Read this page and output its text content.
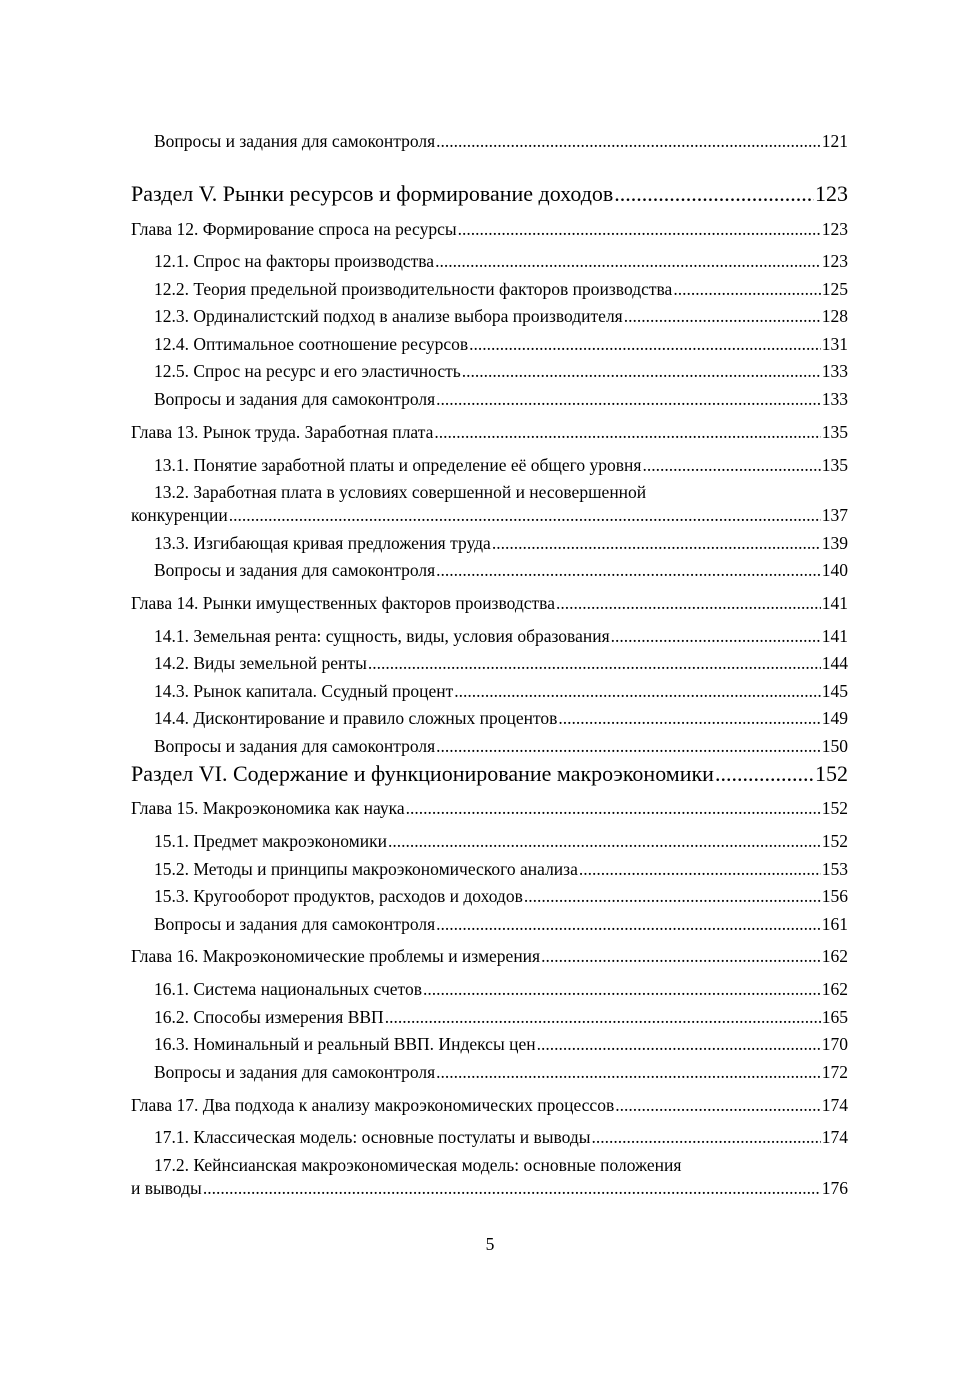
Вопросы и задания для самоконтроля .....	121
Раздел V. Рынки ресурсов и формирование доходов .....	123
Глава 12. Формирование спроса на ресурсы .....	123
12.1. Спрос на факторы производства .....	123
12.2. Теория предельной производительности факторов производства .....	125
12.3. Ординалистский подход в анализе выбора производителя .....	128
12.4. Оптимальное соотношение ресурсов .....	131
12.5. Спрос на ресурс и его эластичность .....	133
Вопросы и задания для самоконтроля .....	133
Глава 13. Рынок труда. Заработная плата .....	135
13.1. Понятие заработной платы и определение её общего уровня .....	135
13.2. Заработная плата в условиях совершенной и несовершенной
конкуренции .....	137
13.3. Изгибающая кривая предложения труда .....	139
Вопросы и задания для самоконтроля .....	140
Глава 14. Рынки имущественных факторов производства .....	141
14.1. Земельная рента: сущность, виды, условия образования .....	141
14.2. Виды земельной ренты .....	144
14.3. Рынок капитала. Ссудный процент .....	145
14.4. Дисконтирование и правило сложных процентов .....	149
Вопросы и задания для самоконтроля .....	150
Раздел VI. Содержание и функционирование макроэкономики .....	152
Глава 15. Макроэкономика как наука .....	152
15.1. Предмет макроэкономики .....	152
15.2. Методы и принципы макроэкономического анализа .....	153
15.3. Кругооборот продуктов, расходов и доходов .....	156
Вопросы и задания для самоконтроля .....	161
Глава 16. Макроэкономические проблемы и измерения .....	162
16.1. Система национальных счетов .....	162
16.2. Способы измерения ВВП .....	165
16.3. Номинальный и реальный ВВП. Индексы цен .....	170
Вопросы и задания для самоконтроля .....	172
Глава 17. Два подхода к анализу макроэкономических процессов .....	174
17.1. Классическая модель: основные постулаты и выводы .....	174
17.2. Кейнсианская макроэкономическая модель: основные положения
и выводы .....	176
5
